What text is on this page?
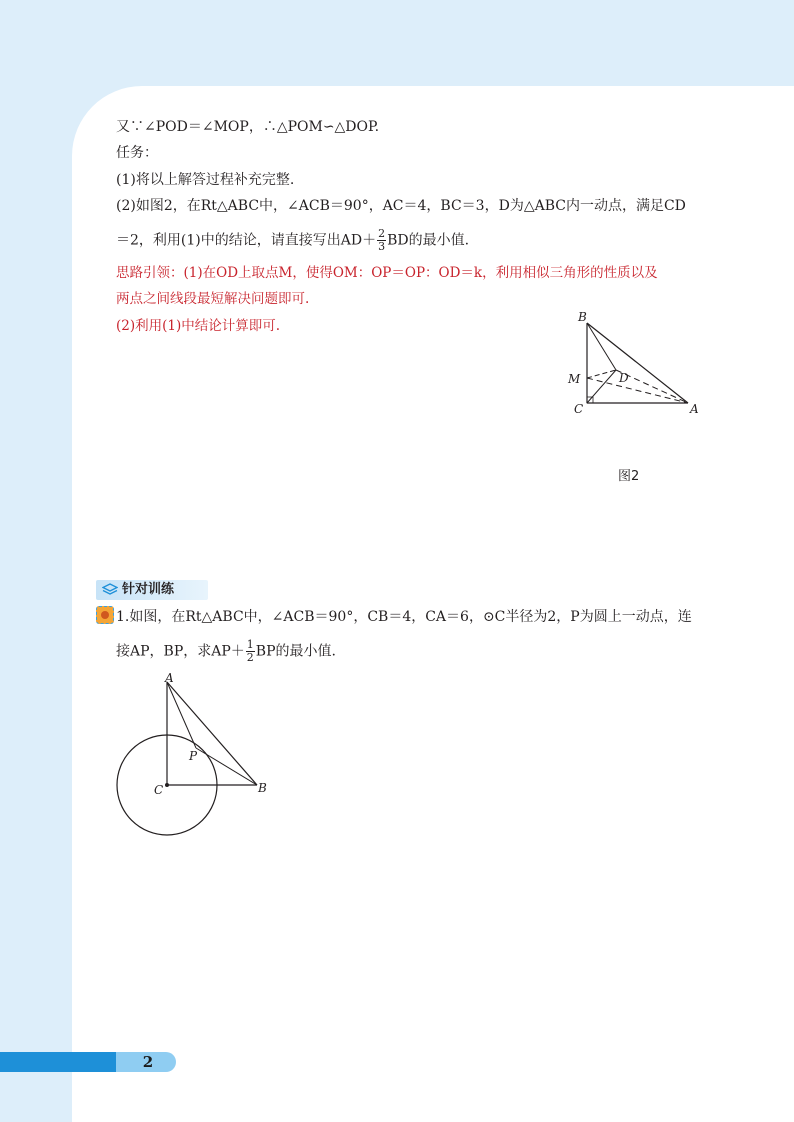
又∵∠POD＝∠MOP，∴△POM∽△DOP.
任务：
(1)将以上解答过程补充完整.
(2)如图2，在Rt△ABC中，∠ACB＝90°，AC＝4，BC＝3，D为△ABC内一动点，满足CD
＝2，利用(1)中的结论，请直接写出$AD+ \frac{2}{3}$ BD的最小值.
思路引领：(1)在OD上取点M，使得OM：OP＝OP：OD＝k，利用相似三角形的性质以及
两点之间线段最短解决问题即可.
(2)利用(1)中结论计算即可.
B
M	D
C	A
图2
针对训练
1.如图，在Rt△ABC中，∠ACB＝90°，CB＝4，CA＝6，⊙C半径为2，P为圆上一动点，连
接AP，BP，求$AP+ \frac{1}{2}$ BP的最小值.
A
P
C	B
2
